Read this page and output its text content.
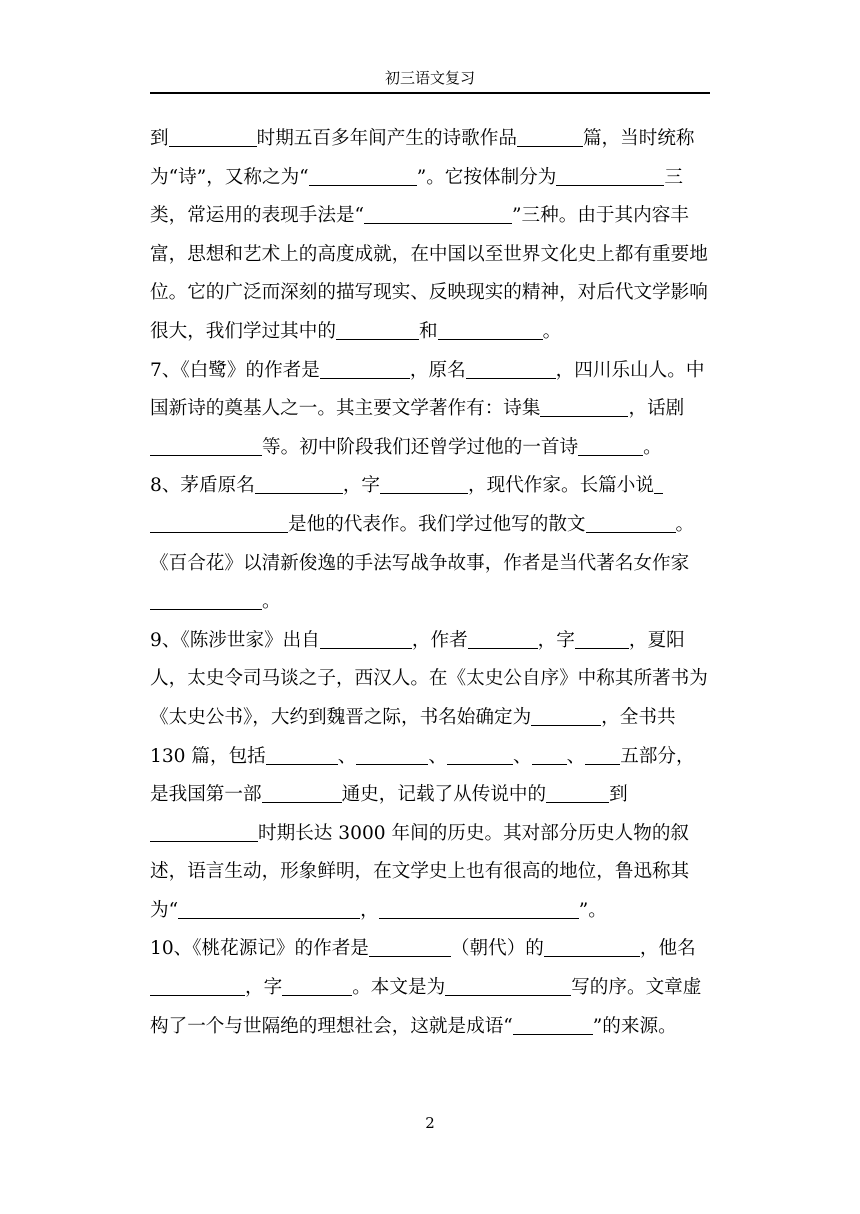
初三语文复习

到	时期五百多年间产生的诗歌作品	篇，当时统称为“诗”，又称之为“	”。它按体制分为	三类，常运用的表现手法是“	”三种。由于其内容丰富，思想和艺术上的高度成就，在中国以至世界文化史上都有重要地位。它的广泛而深刻的描写现实、反映现实的精神，对后代文学影响很大，我们学过其中的	和	。

7、《白鹭》的作者是	，原名	，四川乐山人。中国新诗的奠基人之一。其主要文学著作有：诗集	，话剧等。初中阶段我们还曾学过他的一首诗	。

8、茅盾原名	，字	，现代作家。长篇小说是他的代表作。我们学过他写的散文	。《百合花》以清新俊逸的手法写战争故事，作者是当代著名女作家。

9、《陈涉世家》出自	，作者	，字	，夏阳人，太史令司马谈之子，西汉人。在《太史公自序》中称其所著书为《太史公书》，大约到魏晋之际，书名始确定为	，全书共 130 篇，包括	、	、	、 、 五部分，是我国第一部	通史，记载了从传说中的	到时期长达 3000 年间的历史。其对部分历史人物的叙述，语言生动，形象鲜明，在文学史上也有很高的地位，鲁迅称其为“	，	”。

10、《桃花源记》的作者是	（朝代）的	，他名，字	。本文是为	写的序。文章虚构了一个与世隔绝的理想社会，这就是成语“	”的来源。

2
